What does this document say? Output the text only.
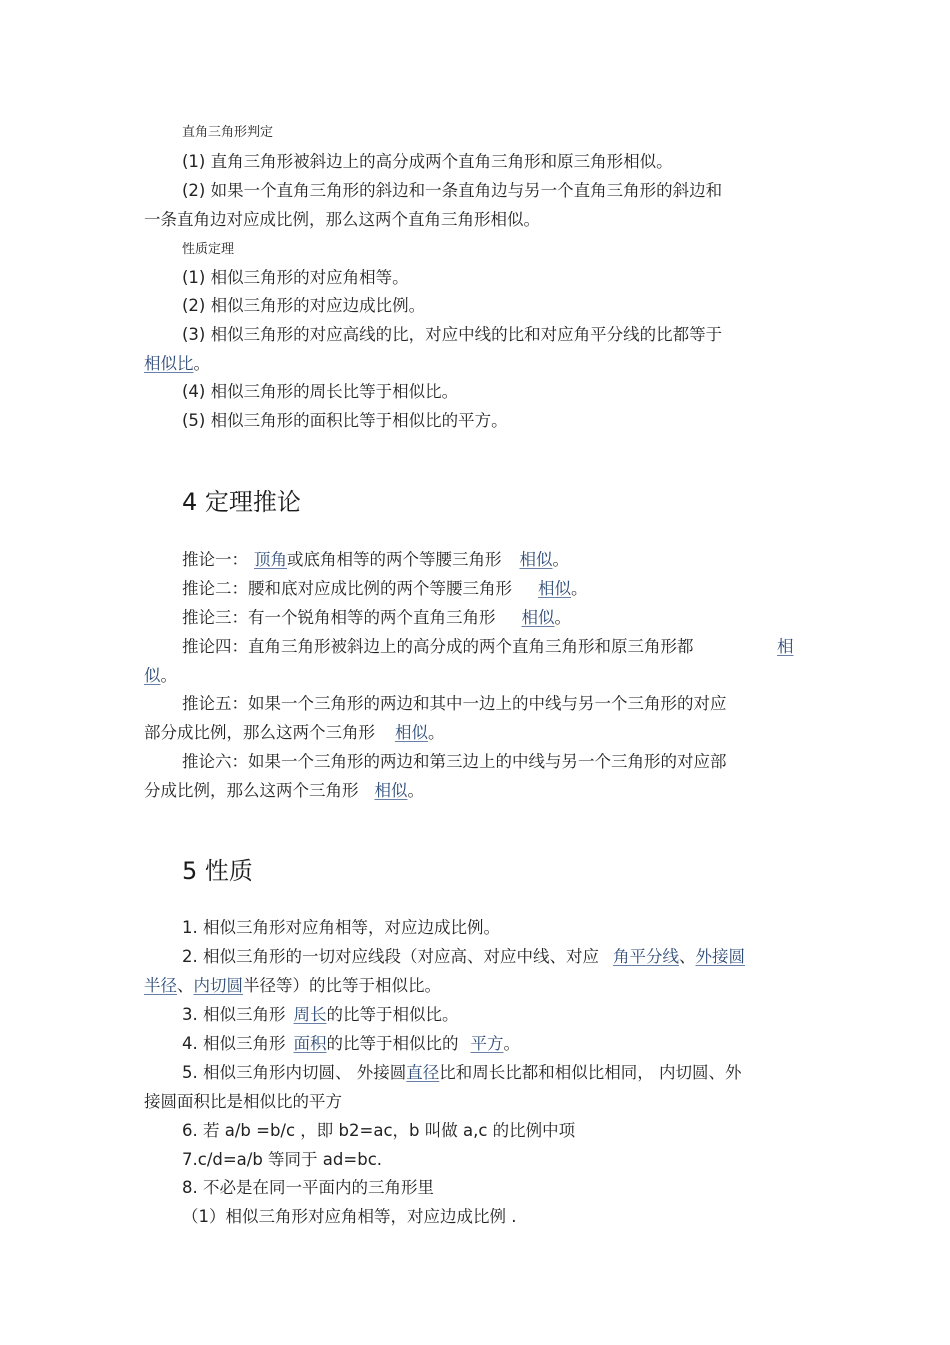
直角三角形判定
(1) 直角三角形被斜边上的高分成两个直角三角形和原三角形相似。
(2) 如果一个直角三角形的斜边和一条直角边与另一个直角三角形的斜边和
一条直角边对应成比例，那么这两个直角三角形相似。
性质定理
(1) 相似三角形的对应角相等。
(2) 相似三角形的对应边成比例。
(3) 相似三角形的对应高线的比，对应中线的比和对应角平分线的比都等于
相似比。
(4) 相似三角形的周长比等于相似比。
(5) 相似三角形的面积比等于相似比的平方。
4 定理推论
推论一： 顶角或底角相等的两个等腰三角形 相似。
推论二：腰和底对应成比例的两个等腰三角形 相似。
推论三：有一个锐角相等的两个直角三角形 相似。
推论四：直角三角形被斜边上的高分成的两个直角三角形和原三角形都	相
似。
推论五：如果一个三角形的两边和其中一边上的中线与另一个三角形的对应
部分成比例，那么这两个三角形 相似。
推论六：如果一个三角形的两边和第三边上的中线与另一个三角形的对应部
分成比例，那么这两个三角形 相似。
5 性质
1. 相似三角形对应角相等，对应边成比例。
2. 相似三角形的一切对应线段（对应高、对应中线、对应 角平分线、外接圆
半径、内切圆半径等）的比等于相似比。
3. 相似三角形 周长的比等于相似比。
4. 相似三角形 面积的比等于相似比的 平方。
5. 相似三角形内切圆、 外接圆直径比和周长比都和相似比相同， 内切圆、外
接圆面积比是相似比的平方
6. 若 a/b =b/c ，即 b2=ac，b 叫做 a,c 的比例中项
7.c/d=a/b 等同于 ad=bc.
8. 不必是在同一平面内的三角形里
（1）相似三角形对应角相等，对应边成比例 .
